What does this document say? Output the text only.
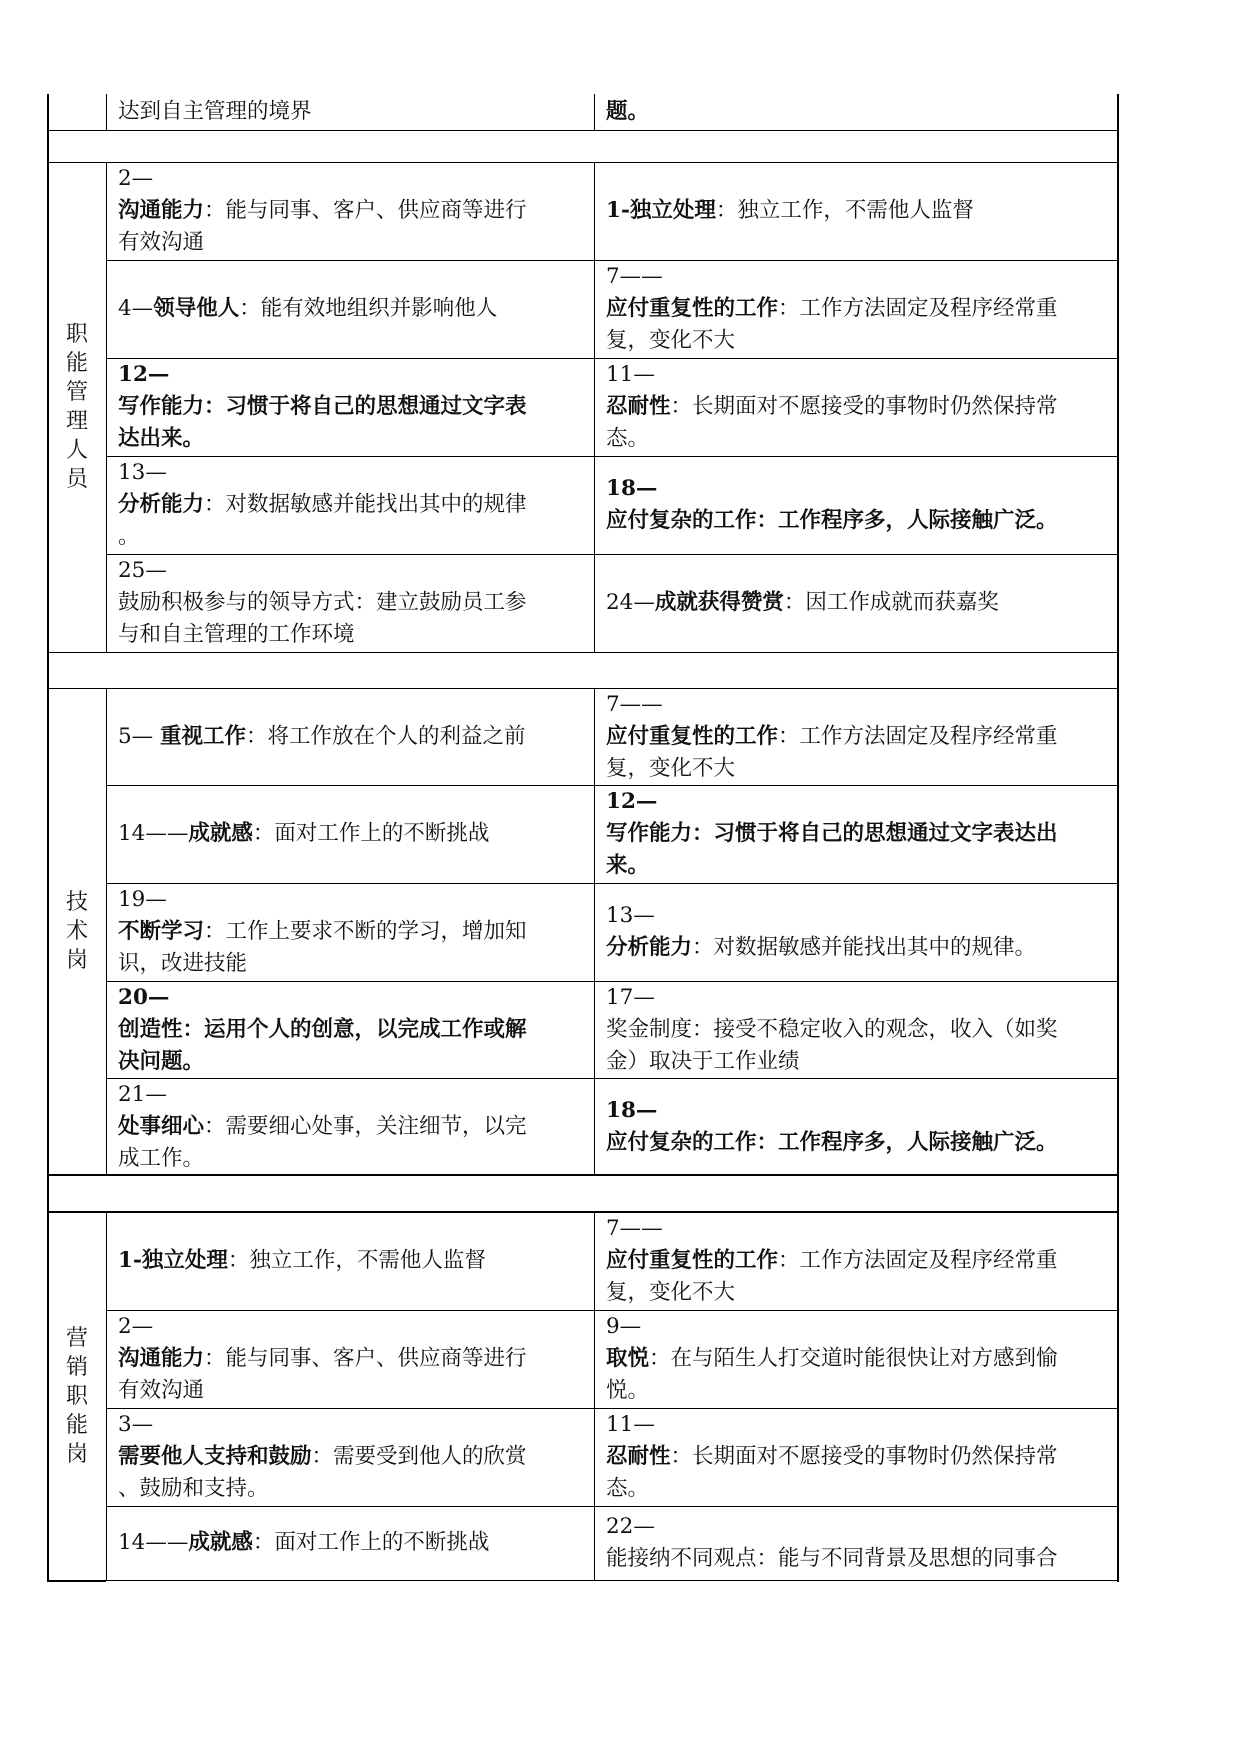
达到自主管理的境界	题。

职
能
管
理
人
员
技
术
岗
营
销
职
能
岗

2—

沟通能力：能与同事、客户、供应商等进行

有效沟通

1-独立处理：独立工作，不需他人监督

4—领导他人：能有效地组织并影响他人

7——

应付重复性的工作：工作方法固定及程序经常重

复，变化不大

12—

写作能力：习惯于将自己的思想通过文字表

达出来。

11—

忍耐性：长期面对不愿接受的事物时仍然保持常

态。

13—

分析能力：对数据敏感并能找出其中的规律

。

18—

应付复杂的工作：工作程序多，人际接触广泛。

25—

鼓励积极参与的领导方式：建立鼓励员工参

与和自主管理的工作环境

24—成就获得赞赏：因工作成就而获嘉奖

5— 重视工作：将工作放在个人的利益之前

7——

应付重复性的工作：工作方法固定及程序经常重

复，变化不大

14——成就感：面对工作上的不断挑战

12—

写作能力：习惯于将自己的思想通过文字表达出

来。

19—

不断学习：工作上要求不断的学习，增加知

识，改进技能

13—

分析能力：对数据敏感并能找出其中的规律。

20—

创造性：运用个人的创意，以完成工作或解

决问题。

17—

奖金制度：接受不稳定收入的观念，收入（如奖

金）取决于工作业绩

21—

处事细心：需要细心处事，关注细节，以完

成工作。

18—

应付复杂的工作：工作程序多，人际接触广泛。

1-独立处理：独立工作，不需他人监督

7——

应付重复性的工作：工作方法固定及程序经常重

复，变化不大

2—

沟通能力：能与同事、客户、供应商等进行

有效沟通

9—

取悦：在与陌生人打交道时能很快让对方感到愉

悦。

3—

需要他人支持和鼓励：需要受到他人的欣赏

、鼓励和支持。

11—

忍耐性：长期面对不愿接受的事物时仍然保持常

态。

14——成就感：面对工作上的不断挑战

22—

能接纳不同观点：能与不同背景及思想的同事合
